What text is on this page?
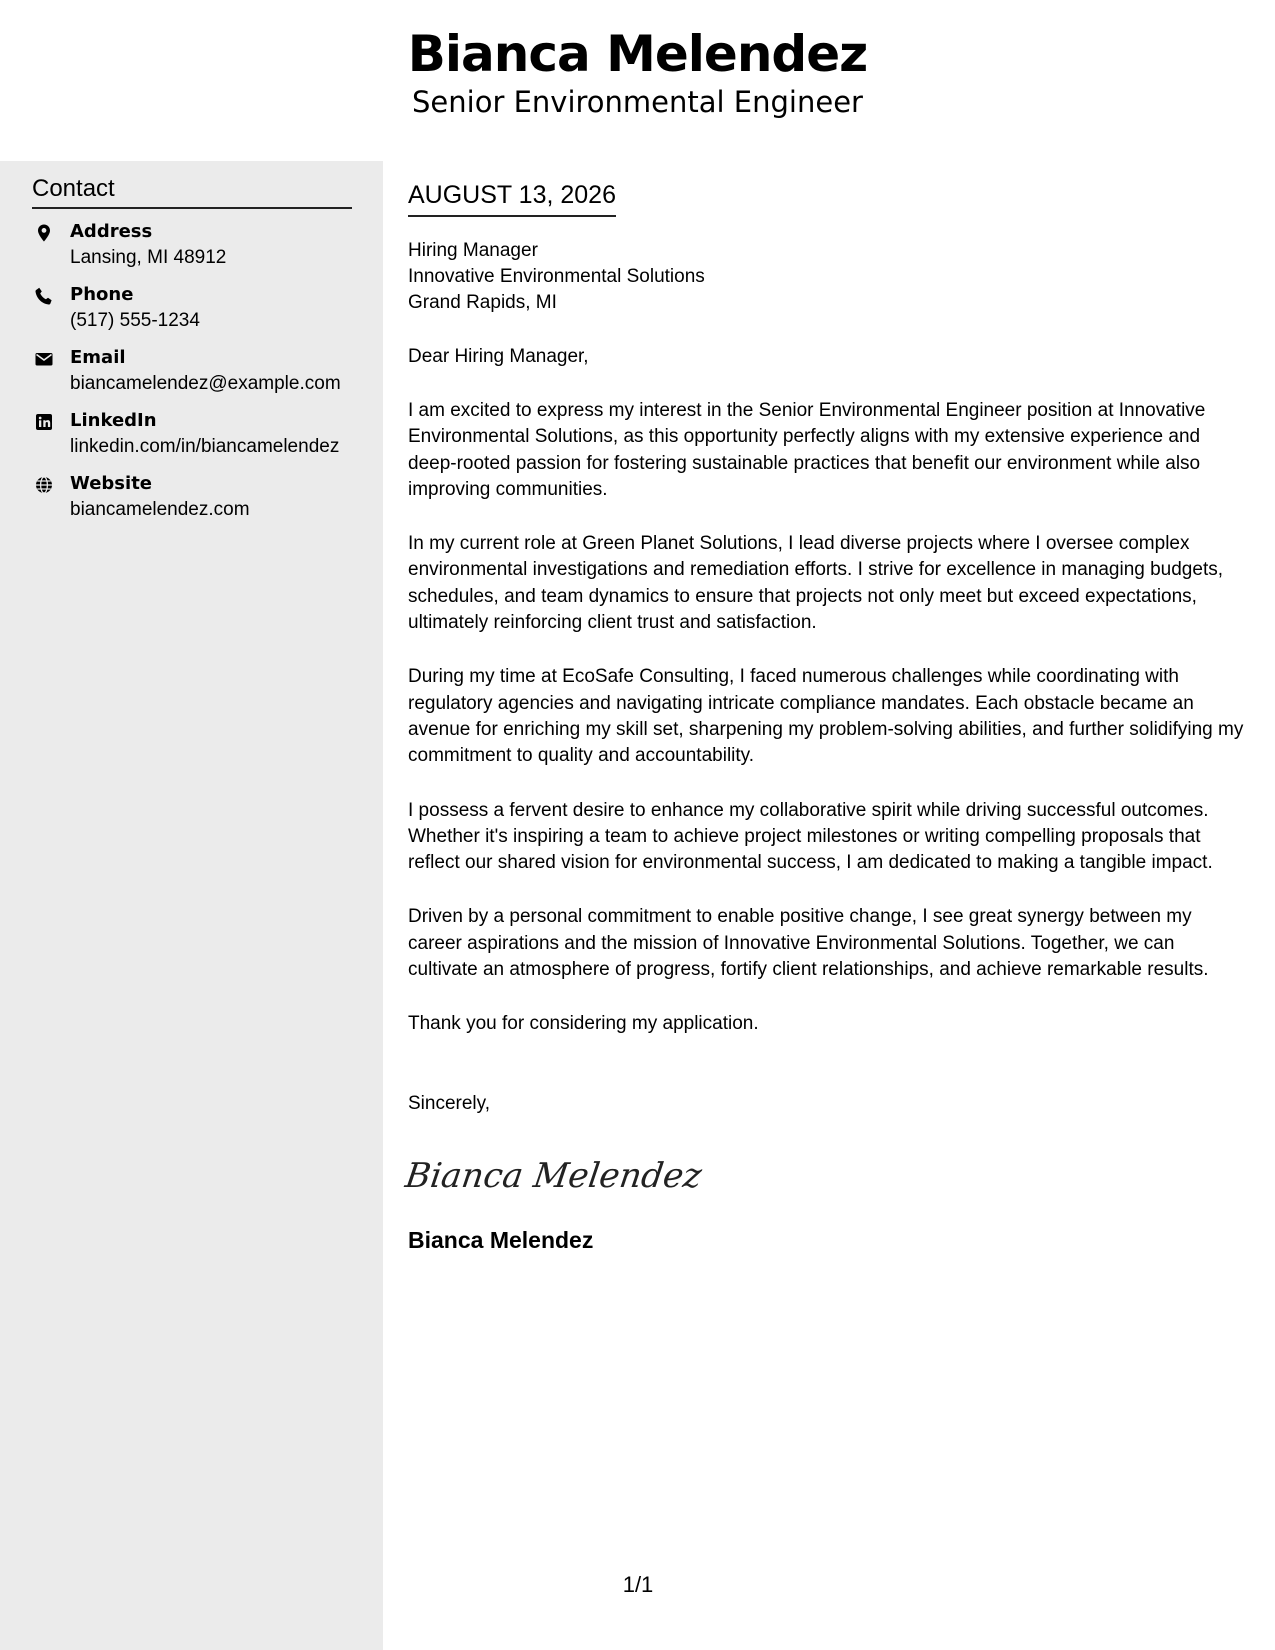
Bianca Melendez
Senior Environmental Engineer
Contact
Address
Lansing, MI 48912
Phone
(517) 555-1234
Email
biancamelendez@example.com
LinkedIn
linkedin.com/in/biancamelendez
Website
biancamelendez.com
AUGUST 13, 2026
Hiring Manager
Innovative Environmental Solutions
Grand Rapids, MI
Dear Hiring Manager,
I am excited to express my interest in the Senior Environmental Engineer position at Innovative Environmental Solutions, as this opportunity perfectly aligns with my extensive experience and deep-rooted passion for fostering sustainable practices that benefit our environment while also improving communities.
In my current role at Green Planet Solutions, I lead diverse projects where I oversee complex environmental investigations and remediation efforts. I strive for excellence in managing budgets, schedules, and team dynamics to ensure that projects not only meet but exceed expectations, ultimately reinforcing client trust and satisfaction.
During my time at EcoSafe Consulting, I faced numerous challenges while coordinating with regulatory agencies and navigating intricate compliance mandates. Each obstacle became an avenue for enriching my skill set, sharpening my problem-solving abilities, and further solidifying my commitment to quality and accountability.
I possess a fervent desire to enhance my collaborative spirit while driving successful outcomes. Whether it's inspiring a team to achieve project milestones or writing compelling proposals that reflect our shared vision for environmental success, I am dedicated to making a tangible impact.
Driven by a personal commitment to enable positive change, I see great synergy between my career aspirations and the mission of Innovative Environmental Solutions. Together, we can cultivate an atmosphere of progress, fortify client relationships, and achieve remarkable results.
Thank you for considering my application.
Sincerely,
Bianca Melendez
Bianca Melendez
1/1
